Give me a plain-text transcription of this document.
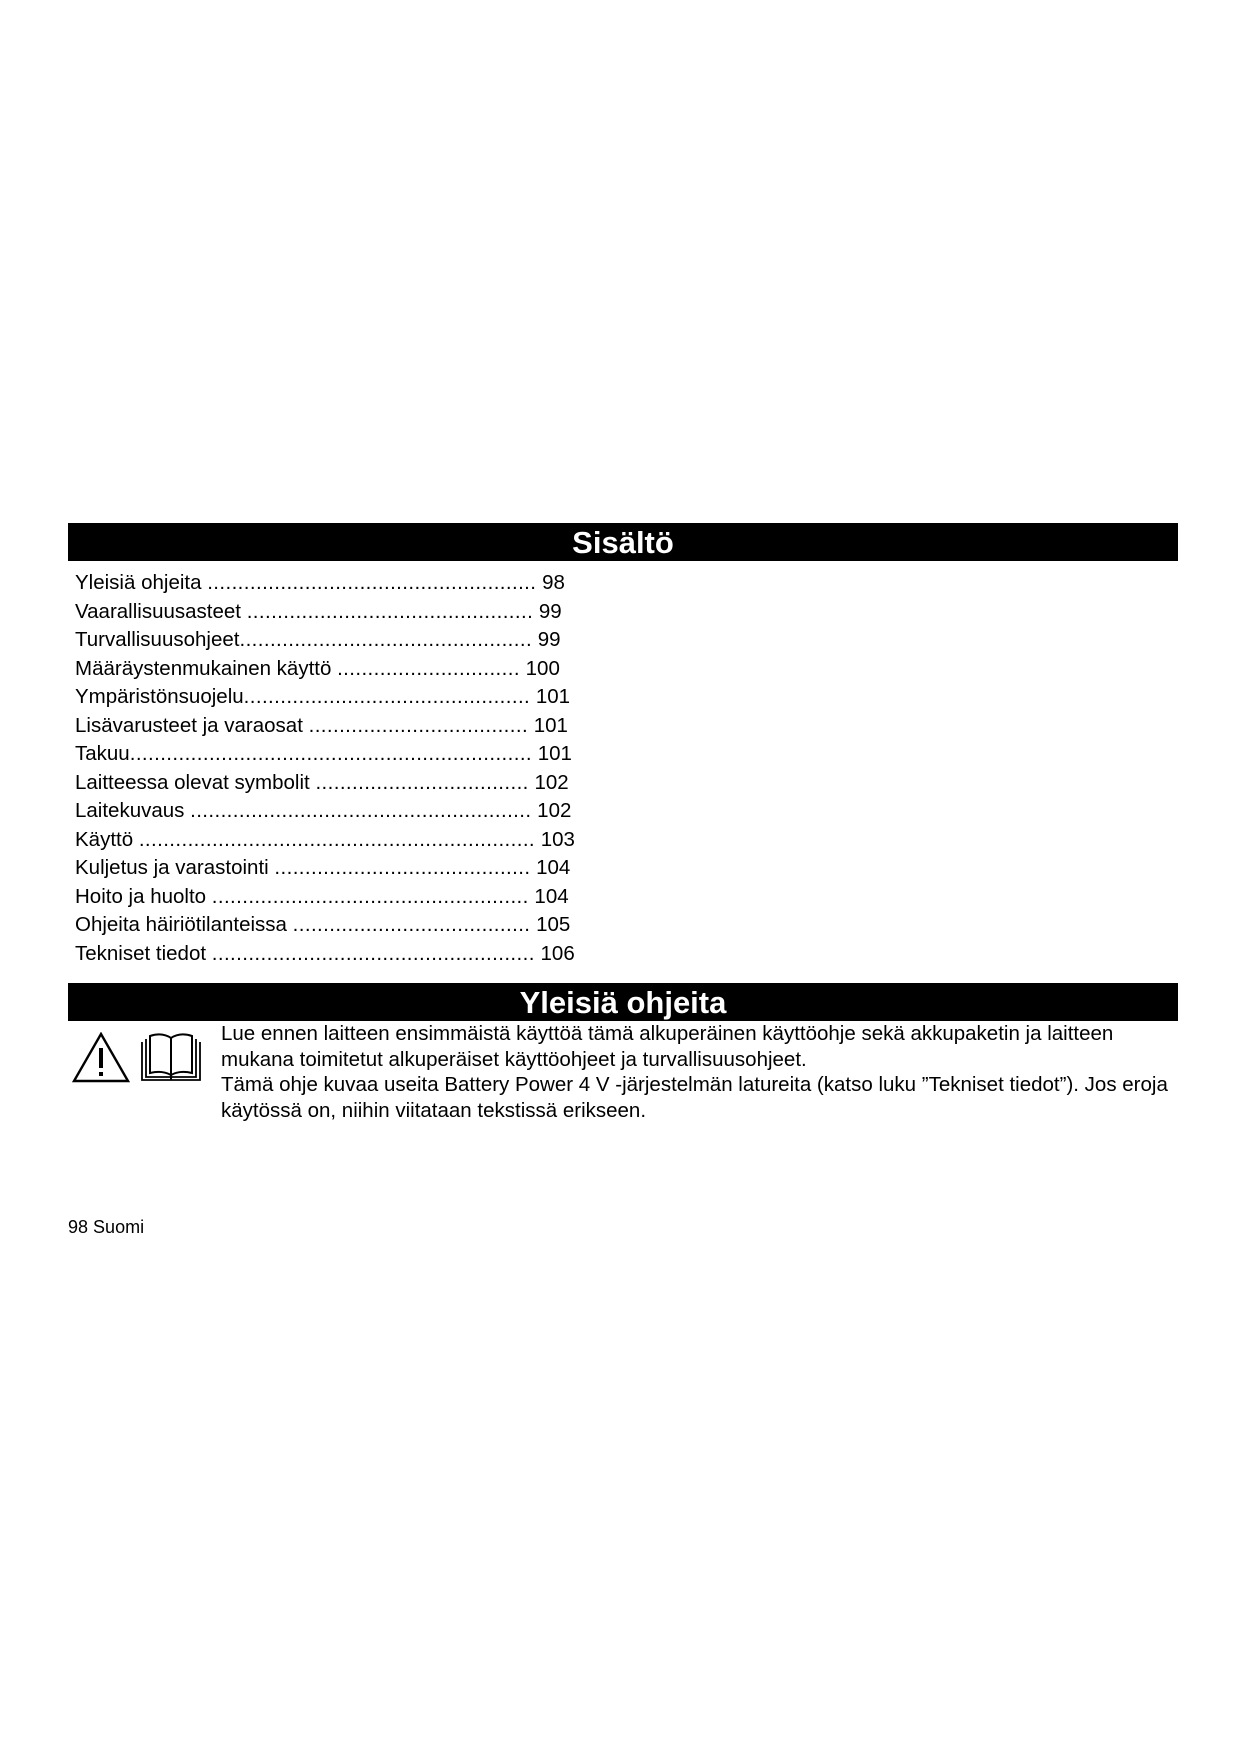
Sisältö
Yleisiä ohjeita ...................................................... 98
Vaarallisuusasteet ............................................... 99
Turvallisuusohjeet................................................ 99
Määräystenmukainen käyttö .............................. 100
Ympäristönsuojelu............................................... 101
Lisävarusteet ja varaosat .................................... 101
Takuu.................................................................. 101
Laitteessa olevat symbolit ................................... 102
Laitekuvaus ........................................................ 102
Käyttö ................................................................. 103
Kuljetus ja varastointi .......................................... 104
Hoito ja huolto .................................................... 104
Ohjeita häiriötilanteissa ....................................... 105
Tekniset tiedot ..................................................... 106
Yleisiä ohjeita

Lue ennen laitteen ensimmäistä käyttöä tämä alkuperäinen käyttöohje sekä akkupaketin ja laitteen mukana toimitetut alkuperäiset käyttöohjeet ja turvallisuusohjeet.

Tämä ohje kuvaa useita Battery Power 4 V -järjestelmän latureita (katso luku ”Tekniset tiedot”). Jos eroja käytössä on, niihin viitataan tekstissä erikseen.

98 Suomi
